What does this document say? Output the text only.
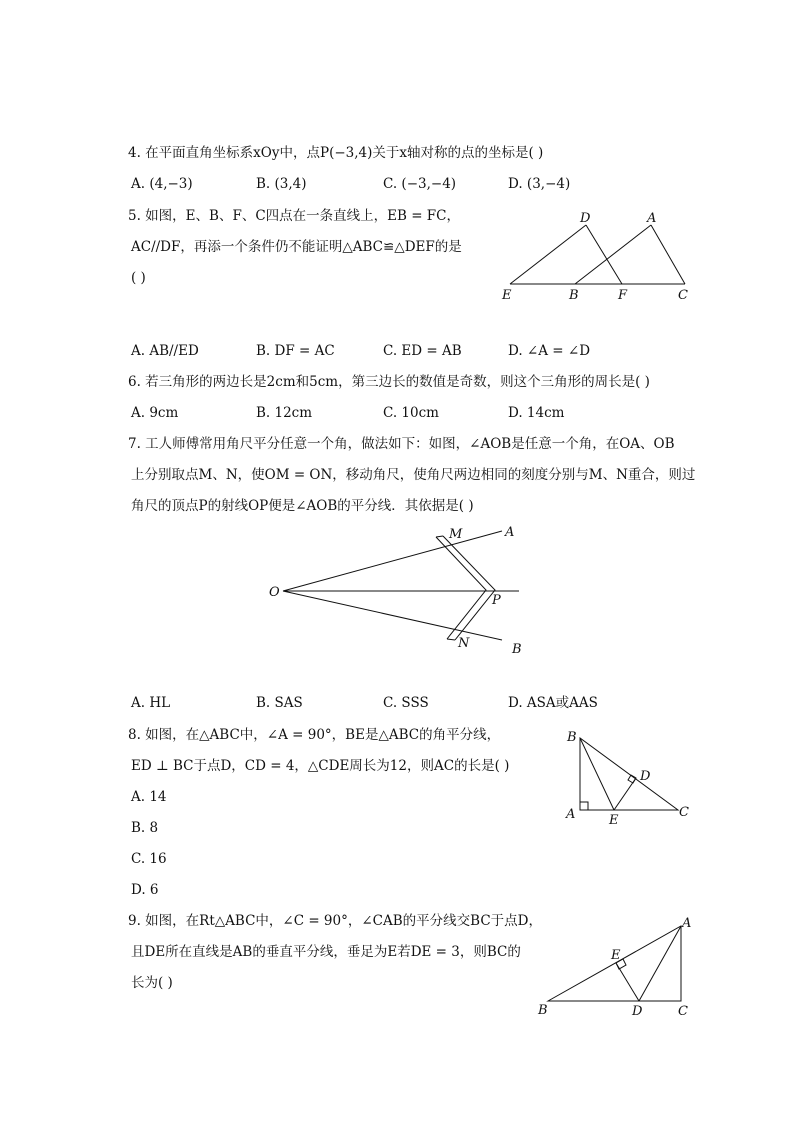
4. 在平面直角坐标系xOy中，点P(−3,4)关于x轴对称的点的坐标是( )
A. (4,−3)	B. (3,4)	C. (−3,−4)	D. (3,−4)
5. 如图，E、B、F、C四点在一条直线上，EB = FC，
AC//DF，再添一个条件仍不能证明△ABC≌△DEF的是
( )
D	A
E	B	F	C
A. AB//ED	B. DF = AC	C. ED = AB	D. ∠A = ∠D
6. 若三角形的两边长是2cm和5cm，第三边长的数值是奇数，则这个三角形的周长是( )
A. 9cm	B. 12cm	C. 10cm	D. 14cm
7. 工人师傅常用角尺平分任意一个角，做法如下：如图，∠AOB是任意一个角，在OA、OB
上分别取点M、N，使OM = ON，移动角尺，使角尺两边相同的刻度分别与M、N重合，则过
角尺的顶点P的射线OP便是∠AOB的平分线．其依据是( )
O
M	A
P
N	B
A. HL	B. SAS	C. SSS	D. ASA或AAS
8. 如图，在△ABC中，∠A = 90°，BE是△ABC的角平分线，
ED ⊥ BC于点D，CD = 4，△CDE周长为12，则AC的长是( )
A. 14
B. 8
C. 16
D. 6
B
D
A	E
C
9. 如图，在Rt△ABC中，∠C = 90°，∠CAB的平分线交BC于点D，
且DE所在直线是AB的垂直平分线，垂足为E若DE = 3，则BC的
长为( )
A
E
B	D	C
